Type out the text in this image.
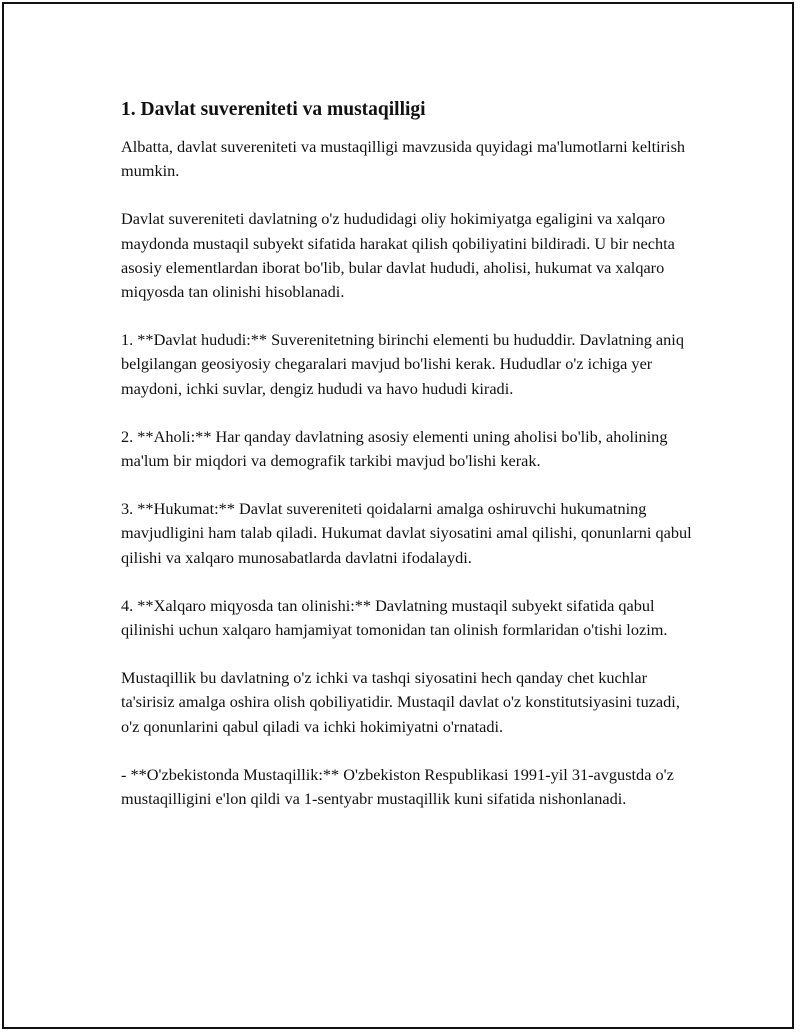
1. Davlat suvereniteti va mustaqilligi
Albatta, davlat suvereniteti va mustaqilligi mavzusida quyidagi ma'lumotlarni keltirish mumkin.
Davlat suvereniteti davlatning o'z hududidagi oliy hokimiyatga egaligini va xalqaro maydonda mustaqil subyekt sifatida harakat qilish qobiliyatini bildiradi. U bir nechta asosiy elementlardan iborat bo'lib, bular davlat hududi, aholisi, hukumat va xalqaro miqyosda tan olinishi hisoblanadi.
1. **Davlat hududi:** Suverenitetning birinchi elementi bu hududdir. Davlatning aniq belgilangan geosiyosiy chegaralari mavjud bo'lishi kerak. Hududlar o'z ichiga yer maydoni, ichki suvlar, dengiz hududi va havo hududi kiradi.
2. **Aholi:** Har qanday davlatning asosiy elementi uning aholisi bo'lib, aholining ma'lum bir miqdori va demografik tarkibi mavjud bo'lishi kerak.
3. **Hukumat:** Davlat suvereniteti qoidalarni amalga oshiruvchi hukumatning mavjudligini ham talab qiladi. Hukumat davlat siyosatini amal qilishi, qonunlarni qabul qilishi va xalqaro munosabatlarda davlatni ifodalaydi.
4. **Xalqaro miqyosda tan olinishi:** Davlatning mustaqil subyekt sifatida qabul qilinishi uchun xalqaro hamjamiyat tomonidan tan olinish formlaridan o'tishi lozim.
Mustaqillik bu davlatning o'z ichki va tashqi siyosatini hech qanday chet kuchlar ta'sirisiz amalga oshira olish qobiliyatidir. Mustaqil davlat o'z konstitutsiyasini tuzadi, o'z qonunlarini qabul qiladi va ichki hokimiyatni o'rnatadi.
- **O'zbekistonda Mustaqillik:** O'zbekiston Respublikasi 1991-yil 31-avgustda o'z mustaqilligini e'lon qildi va 1-sentyabr mustaqillik kuni sifatida nishonlanadi.
